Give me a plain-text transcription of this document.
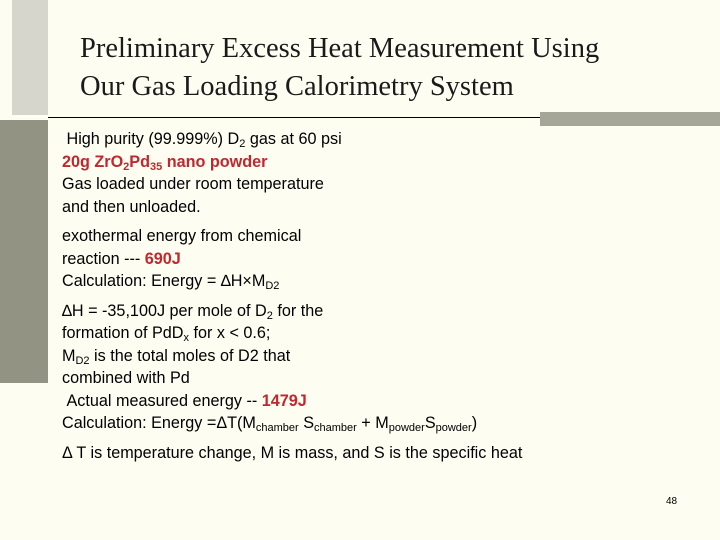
Preliminary Excess Heat Measurement Using
Our Gas Loading Calorimetry System
High purity (99.999%) $D_2$ gas at 60 psi
20g $ZrO_2Pd_{35}$ nano powder
Gas loaded under room temperature
and then unloaded.
exothermal energy from chemical
reaction --- 690J
Calculation: Energy = $\Delta H\times M_{D2}$
∆H = -35,100J per mole of $D_2$ for the
formation of PdD$_x$ for x < 0.6;
$M_{D2}$ is the total moles of D2 that
combined with Pd
Actual measured energy -- 1479J
Calculation: Energy $=\Delta T(M_{chamber}$ $S_{chamber} + M_{powder}S_{powder}$)
Δ T is temperature change, M is mass, and S is the specific heat
48
